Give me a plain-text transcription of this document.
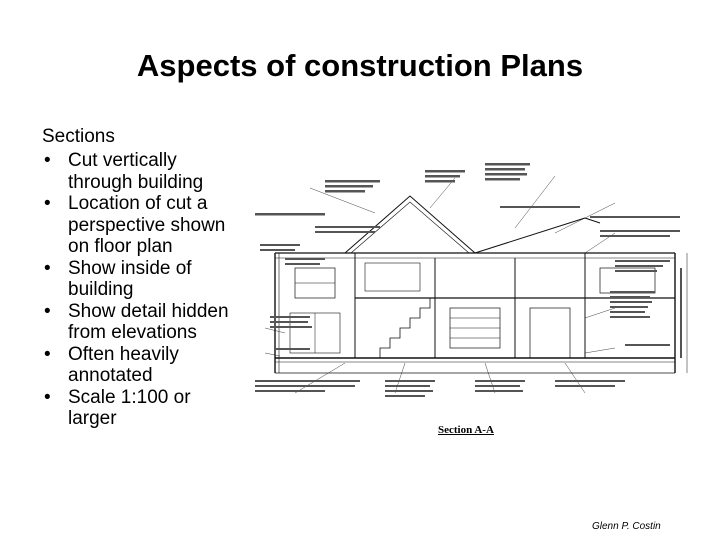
Aspects of construction Plans
Sections
• Cut vertically through building
• Location of cut a perspective shown on floor plan
• Show inside of building
• Show detail hidden from elevations
• Often heavily annotated
• Scale 1:100 or larger
Section A-A
Glenn P. Costin
